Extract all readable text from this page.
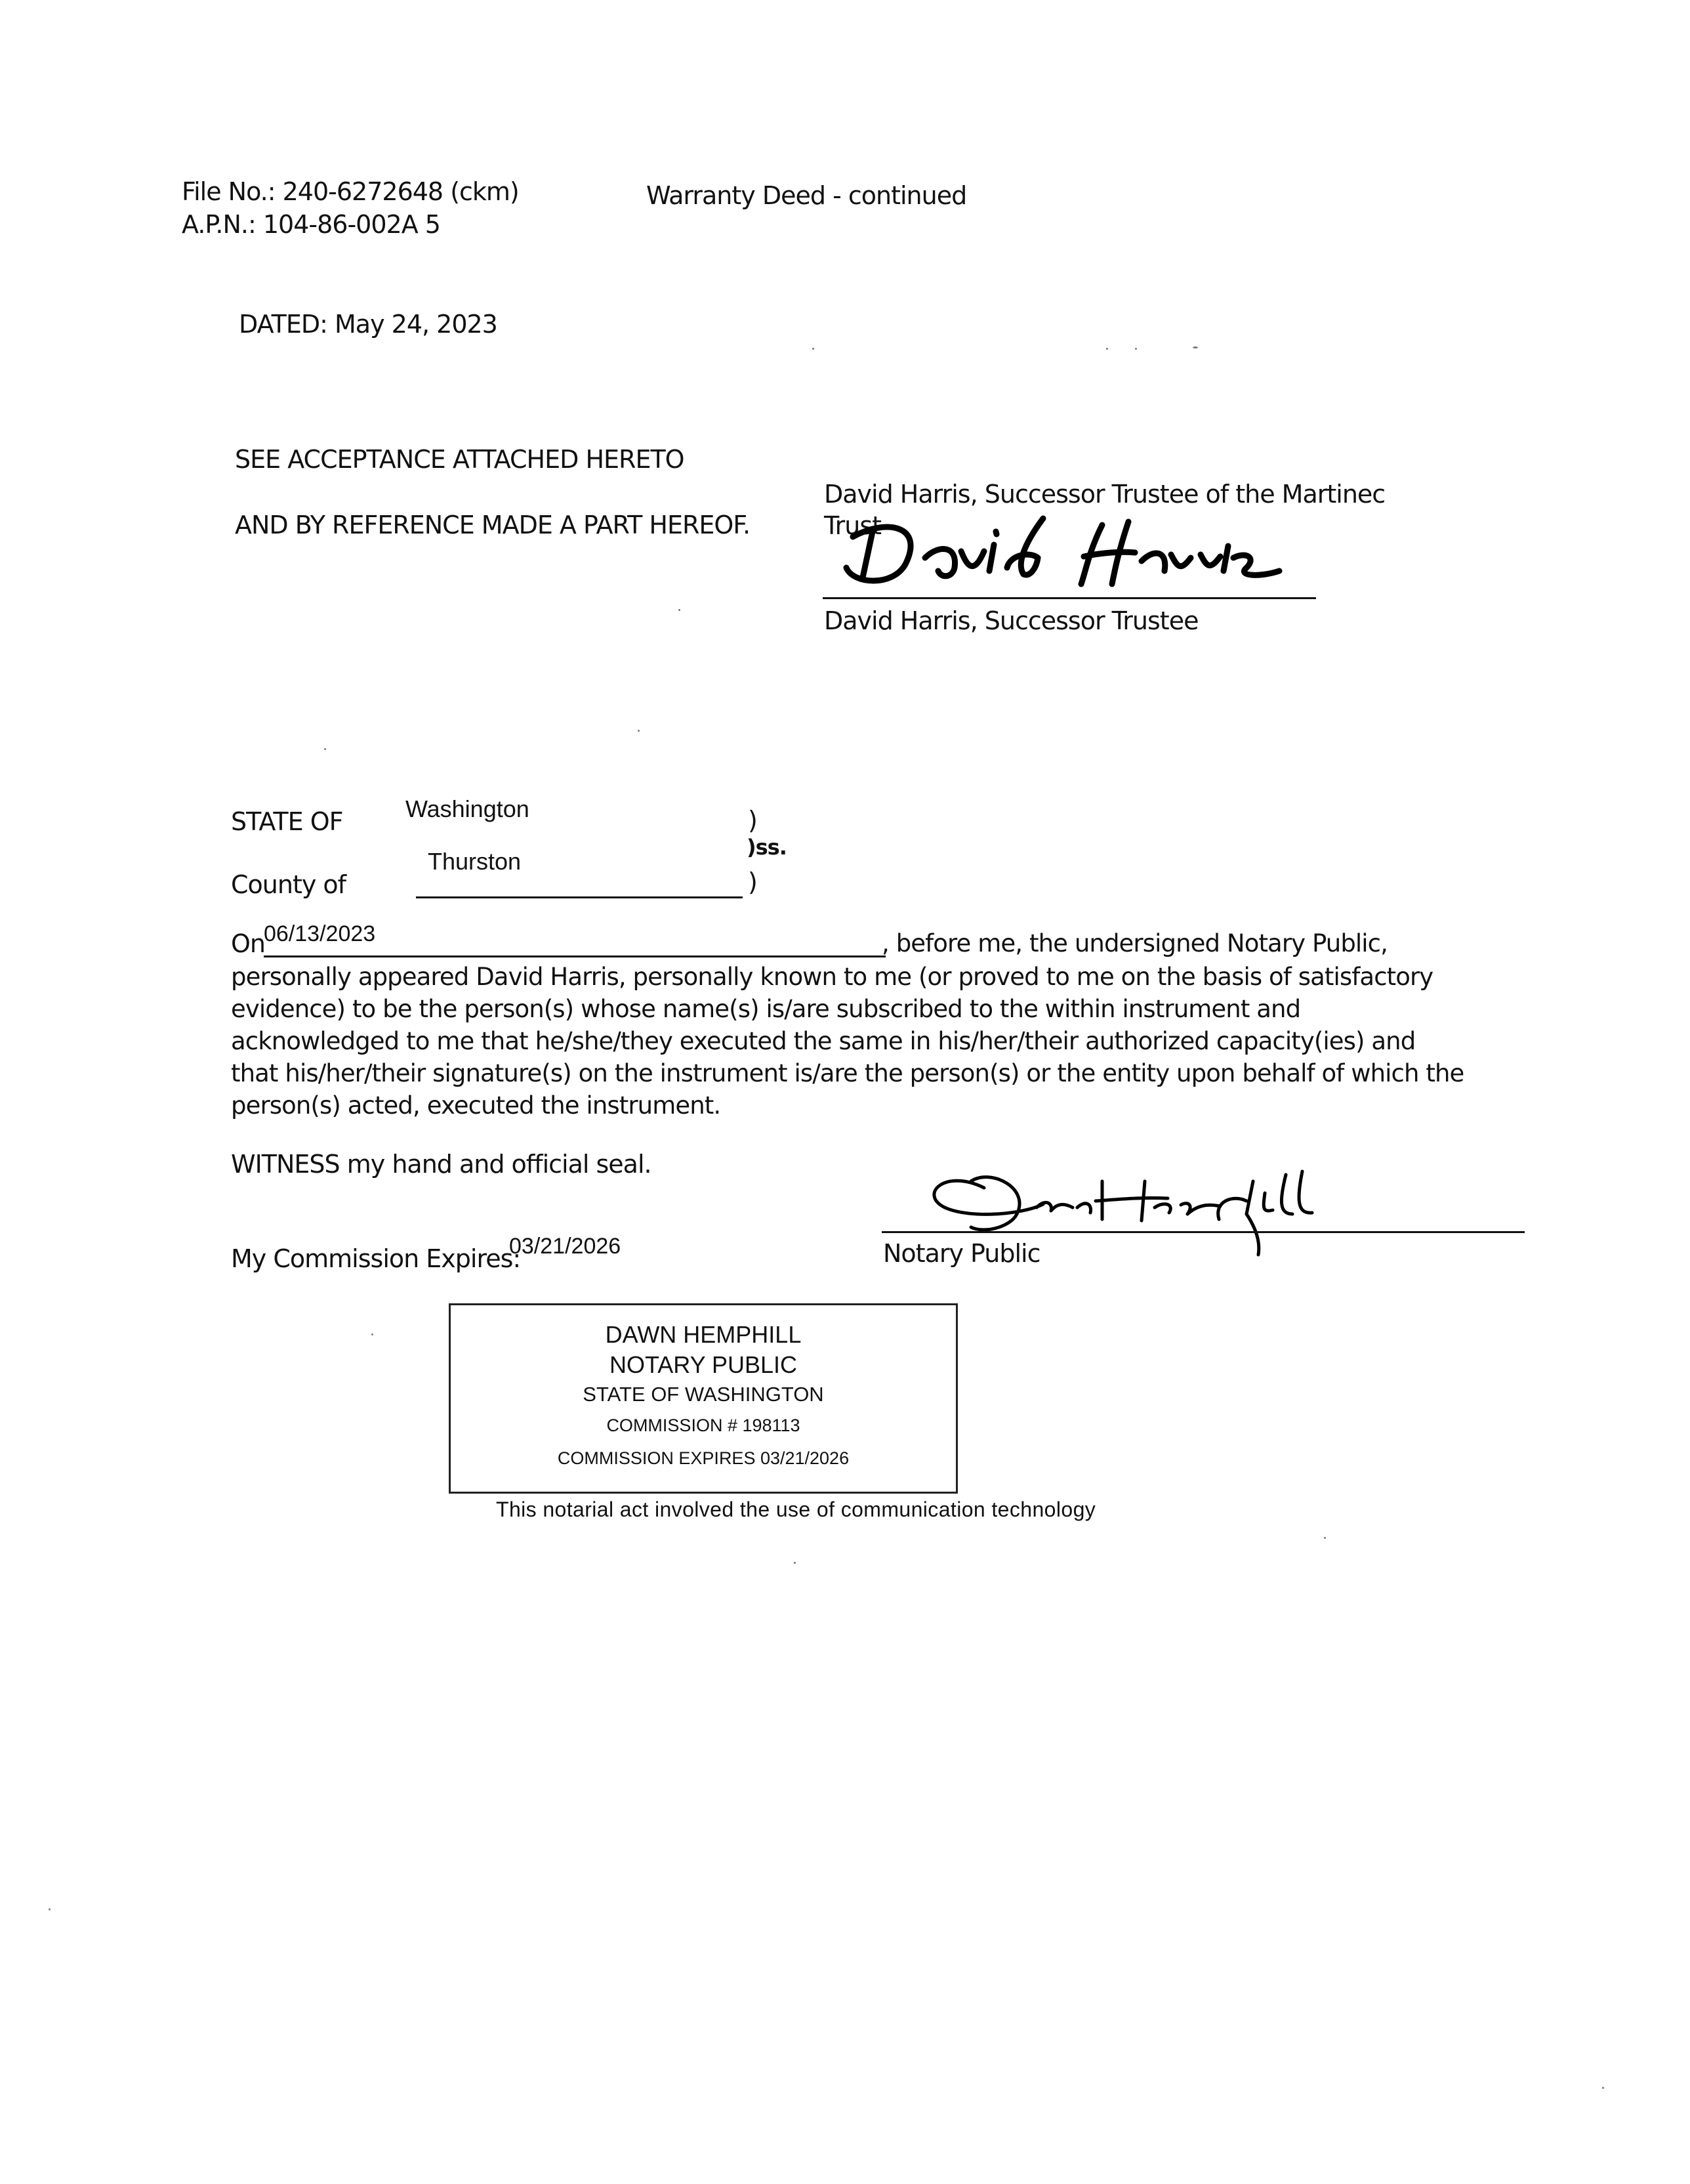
File No.: 240-6272648 (ckm)
A.P.N.: 104-86-002A 5
Warranty Deed - continued
DATED: May 24, 2023
SEE ACCEPTANCE ATTACHED HERETO
AND BY REFERENCE MADE A PART HEREOF.
David Harris, Successor Trustee of the Martinec
Trust
David Harris, Successor Trustee
STATE OF	Washington
County of
Thurston
)
)ss.
)
On
06/13/2023	, before me, the undersigned Notary Public,
personally appeared David Harris, personally known to me (or proved to me on the basis of satisfactory evidence) to be the person(s) whose name(s) is/are subscribed to the within instrument and acknowledged to me that he/she/they executed the same in his/her/their authorized capacity(ies) and that his/her/their signature(s) on the instrument is/are the person(s) or the entity upon behalf of which the person(s) acted, executed the instrument.
WITNESS my hand and official seal.
My Commission Expires:
03/21/2026	Notary Public
DAWN HEMPHILL
NOTARY PUBLIC
STATE OF WASHINGTON
COMMISSION # 198113
COMMISSION EXPIRES 03/21/2026
This notarial act involved the use of communication technology
